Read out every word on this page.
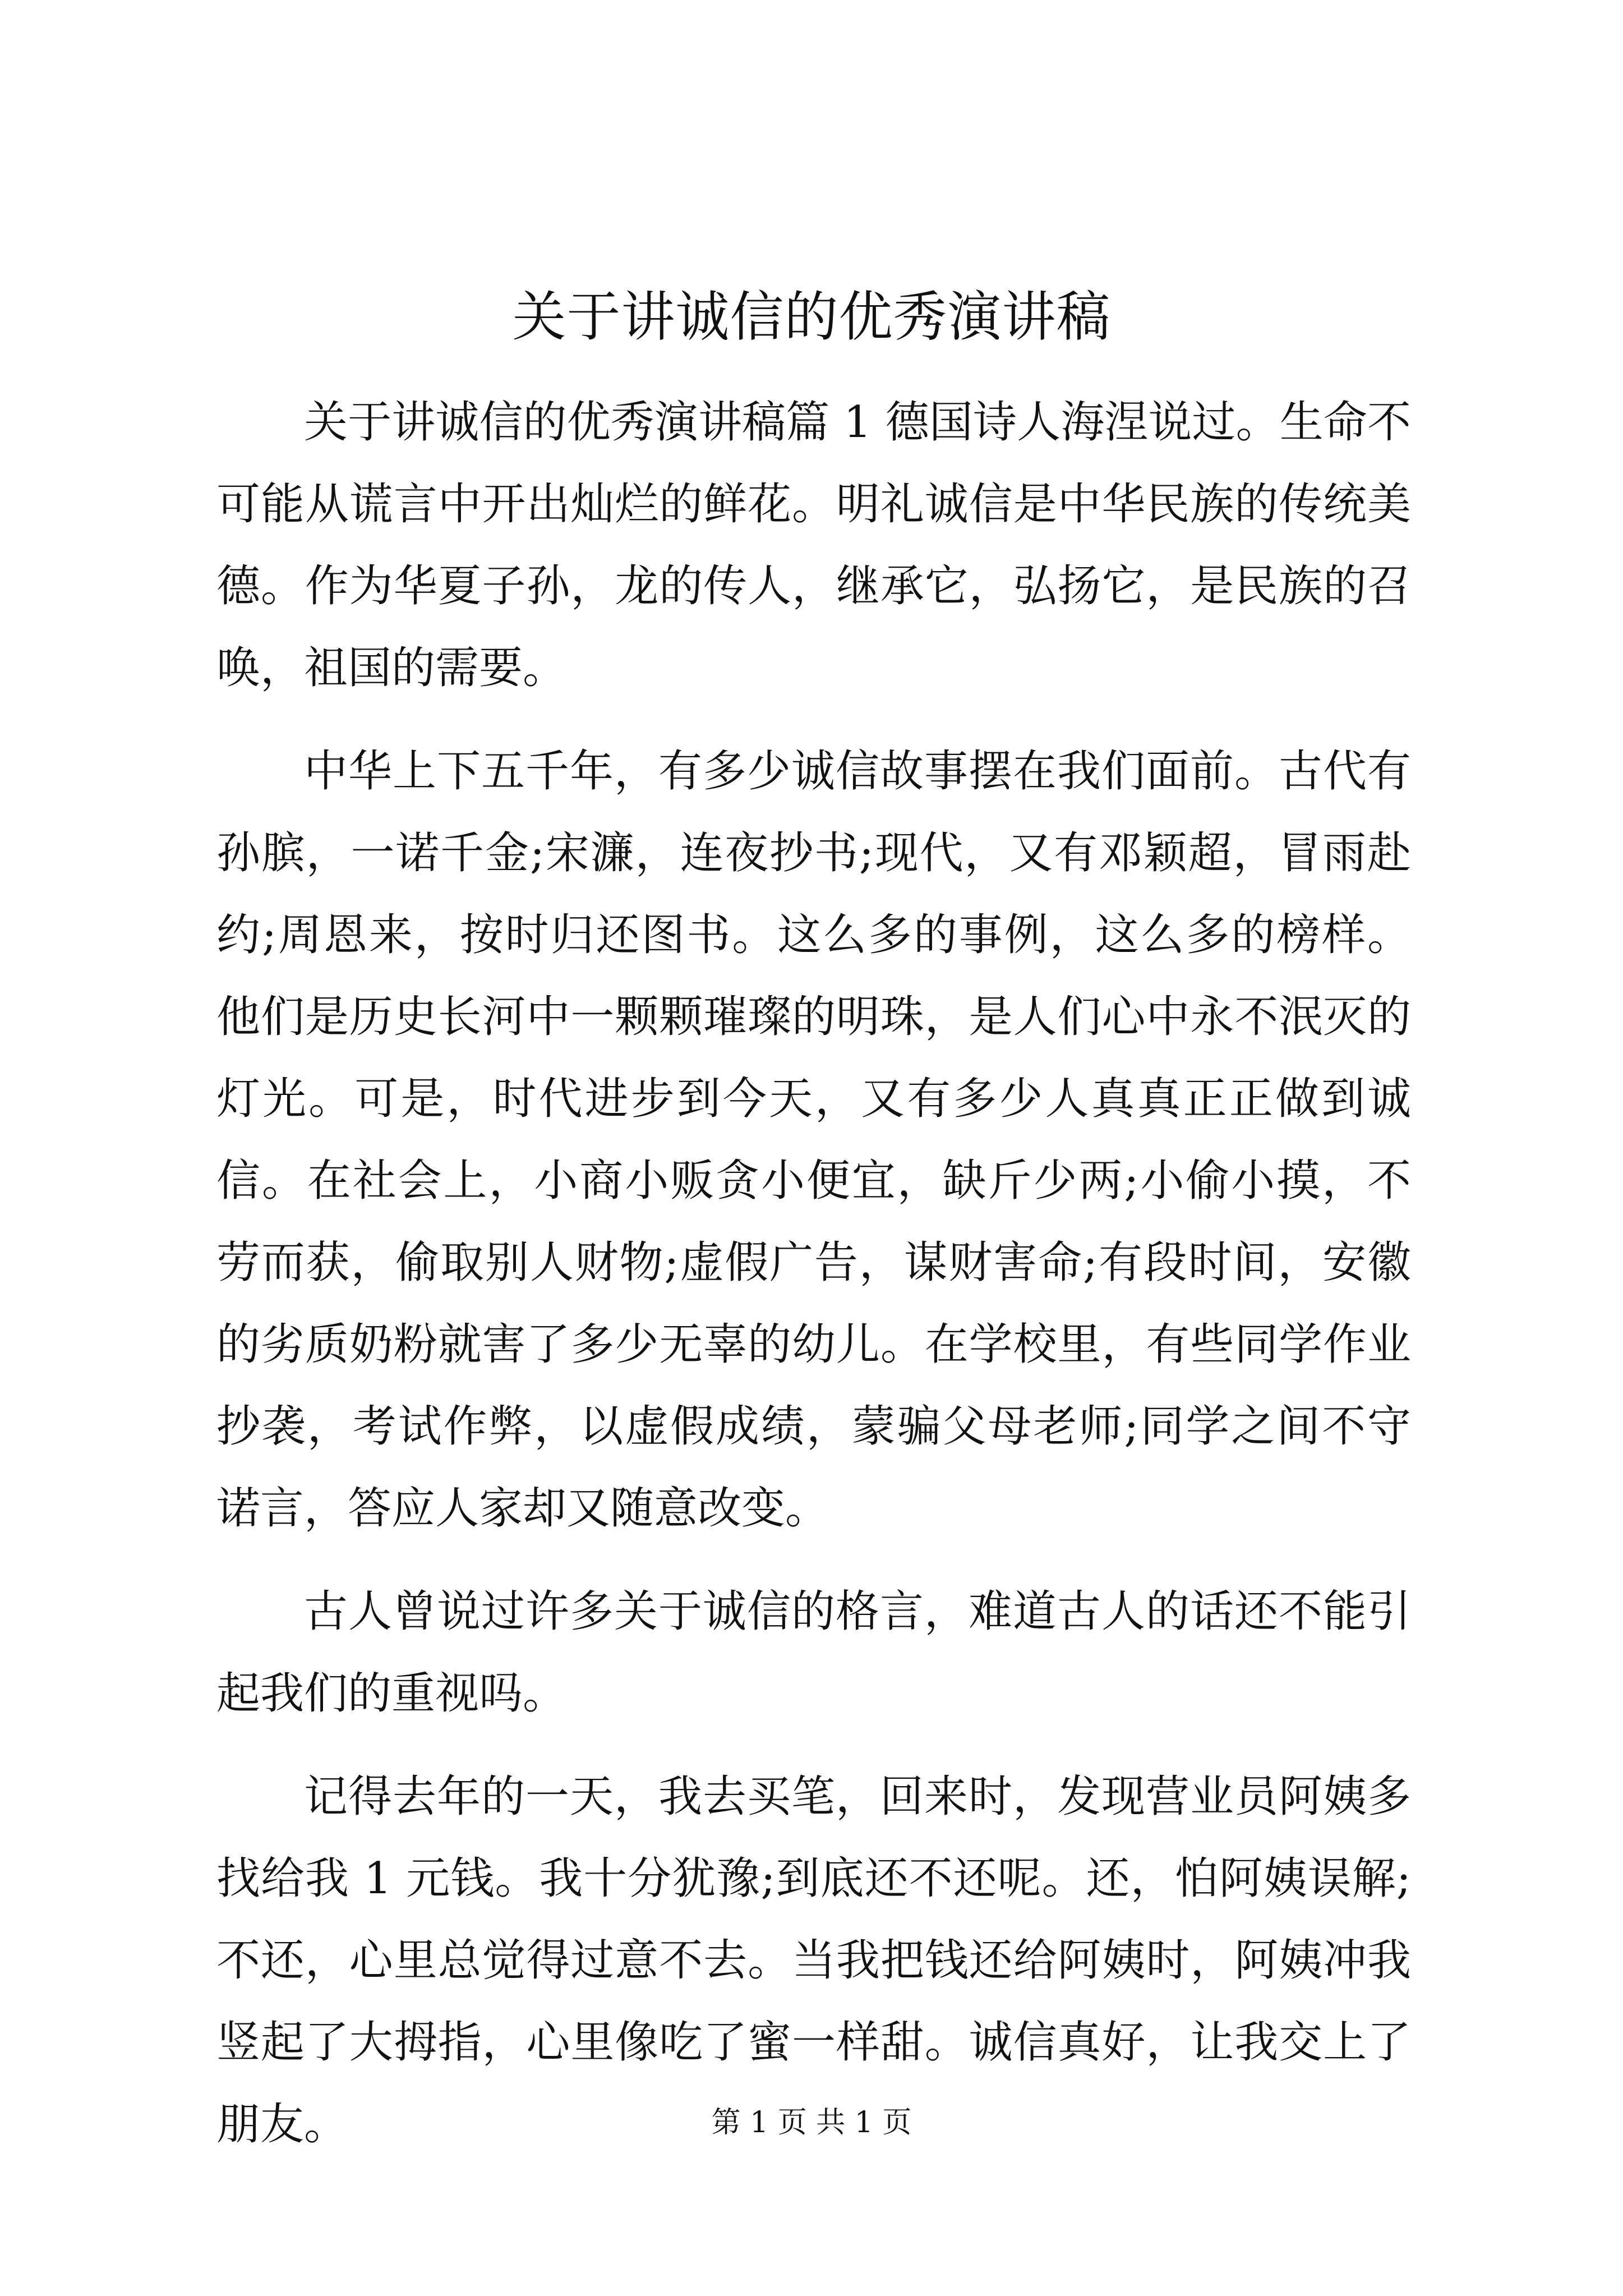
关于讲诚信的优秀演讲稿

关于讲诚信的优秀演讲稿篇 1 德国诗人海涅说过。生命不可能从谎言中开出灿烂的鲜花。明礼诚信是中华民族的传统美德。作为华夏子孙，龙的传人，继承它，弘扬它，是民族的召唤，祖国的需要。

中华上下五千年，有多少诚信故事摆在我们面前。古代有孙膑，一诺千金;宋濂，连夜抄书;现代，又有邓颖超，冒雨赴约;周恩来，按时归还图书。这么多的事例，这么多的榜样。他们是历史长河中一颗颗璀璨的明珠，是人们心中永不泯灭的灯光。可是，时代进步到今天，又有多少人真真正正做到诚信。在社会上，小商小贩贪小便宜，缺斤少两;小偷小摸，不劳而获，偷取别人财物;虚假广告，谋财害命;有段时间，安徽的劣质奶粉就害了多少无辜的幼儿。在学校里，有些同学作业抄袭，考试作弊，以虚假成绩，蒙骗父母老师;同学之间不守诺言，答应人家却又随意改变。

古人曾说过许多关于诚信的格言，难道古人的话还不能引起我们的重视吗。

记得去年的一天，我去买笔，回来时，发现营业员阿姨多找给我 1 元钱。我十分犹豫;到底还不还呢。还，怕阿姨误解;不还，心里总觉得过意不去。当我把钱还给阿姨时，阿姨冲我竖起了大拇指，心里像吃了蜜一样甜。诚信真好，让我交上了朋友。	第 1 页 共 1 页
